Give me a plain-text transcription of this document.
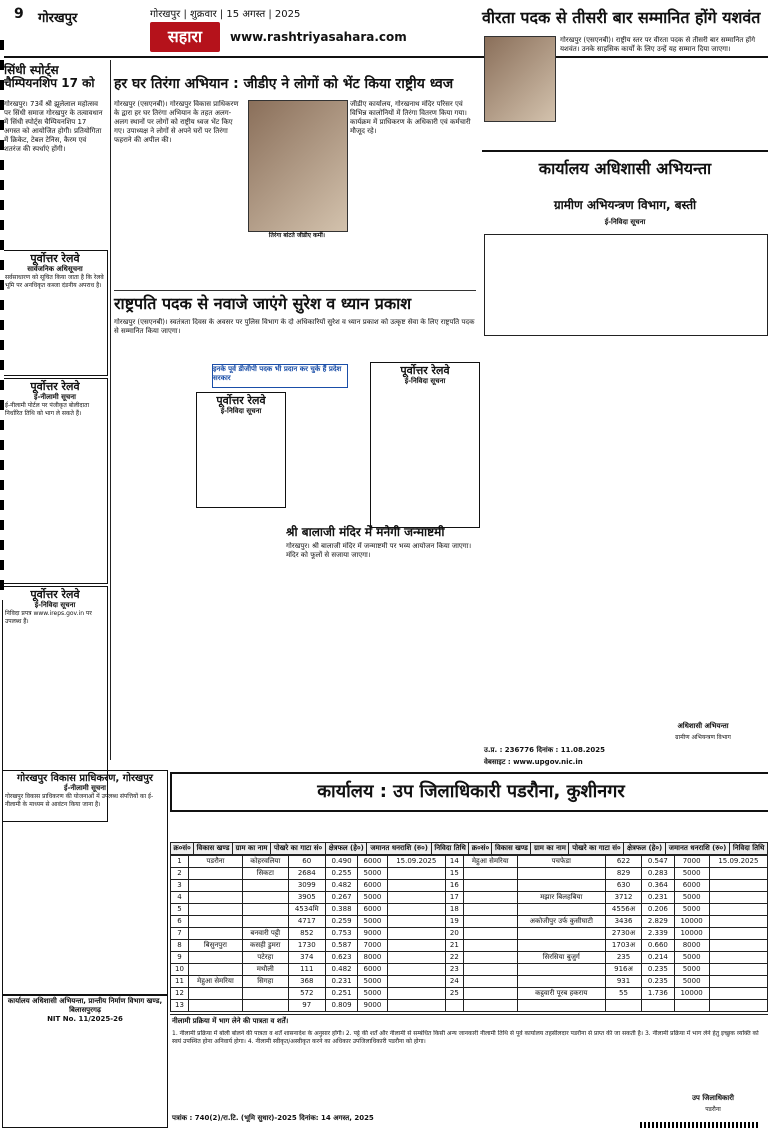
9 गोरखपुर	गोरखपुर | शुक्रवार | 15 अगस्त | 2025
सहारा	www.rashtriyasahara.com
वीरता पदक से तीसरी बार सम्मानित होंगे यशवंत
सिंधी स्पोर्ट्स चैम्पियनशिप 17 को
गोरखपुर। 73वें श्री झूलेलाल महोत्सव पर सिंधी समाज गोरखपुर के तत्वावधान में सिंधी स्पोर्ट्स चैम्पियनशिप 17 अगस्त को आयोजित होगी। प्रतियोगिता में क्रिकेट, टेबल टेनिस, कैरम एवं शतरंज की स्पर्धाएं होंगी।
पूर्वोत्तर रेलवे
सार्वजनिक अधिसूचना
सर्वसाधारण को सूचित किया जाता है कि रेलवे भूमि पर अनधिकृत कब्जा दंडनीय अपराध है।
पूर्वोत्तर रेलवे
ई-नीलामी सूचना
ई-नीलामी पोर्टल पर पंजीकृत बोलीदाता निर्धारित तिथि को भाग ले सकते हैं।
पूर्वोत्तर रेलवे
ई-निविदा सूचना
निविदा प्रपत्र www.ireps.gov.in पर उपलब्ध हैं।
हर घर तिरंगा अभियान : जीडीए ने लोगों को भेंट किया राष्ट्रीय ध्वज
गोरखपुर (एसएनबी)। गोरखपुर विकास प्राधिकरण के द्वारा हर घर तिरंगा अभियान के तहत अलग-अलग स्थानों पर लोगों को राष्ट्रीय ध्वज भेंट किए गए। उपाध्यक्ष ने लोगों से अपने घरों पर तिरंगा फहराने की अपील की।
तिरंगा बांटते जीडीए कर्मी।
जीडीए कार्यालय, गोरखनाथ मंदिर परिसर एवं विभिन्न कालोनियों में तिरंगा वितरण किया गया। कार्यक्रम में प्राधिकरण के अधिकारी एवं कर्मचारी मौजूद रहे।
राष्ट्रपति पदक से नवाजे जाएंगे सुरेश व ध्यान प्रकाश
गोरखपुर (एसएनबी)। स्वतंत्रता दिवस के अवसर पर पुलिस विभाग के दो अधिकारियों सुरेश व ध्यान प्रकाश को उत्कृष्ट सेवा के लिए राष्ट्रपति पदक से सम्मानित किया जाएगा।
इनके पूर्व डीजीपी पदक भी प्रदान कर चुके हैं प्रदेश सरकार
पूर्वोत्तर रेलवे
ई-निविदा सूचना
पूर्वोत्तर रेलवे
ई-निविदा सूचना
श्री बालाजी मंदिर में मनेगी जन्माष्टमी
गोरखपुर। श्री बालाजी मंदिर में जन्माष्टमी पर भव्य आयोजन किया जाएगा। मंदिर को फूलों से सजाया जाएगा।
गोरखपुर (एसएनबी)। राष्ट्रीय स्तर पर वीरता पदक से तीसरी बार सम्मानित होंगे यशवंत। उनके साहसिक कार्यों के लिए उन्हें यह सम्मान दिया जाएगा।
कार्यालय अधिशासी अभियन्ता
ग्रामीण अभियन्त्रण विभाग, बस्ती
ई-निविदा सूचना
अधिशासी अभियन्ता
ग्रामीण अभियन्त्रण विभाग
उ.प्र. : 236776 दिनांक : 11.08.2025
वेबसाइट : www.upgov.nic.in
कार्यालय : उप जिलाधिकारी पडरौना, कुशीनगर
क्र०सं०	विकास खण्ड	ग्राम का नाम	पोखरे का गाटा सं०	क्षेत्रफल (हे०)	जमानत धनराशि (रु०)	निविदा तिथि	क्र०सं०	विकास खण्ड	ग्राम का नाम	पोखरे का गाटा सं०	क्षेत्रफल (हे०)	जमानत धनराशि (रु०)	निविदा तिथि
1	पडरौना	कोहरवलिया	60	0.490	6000	15.09.2025	14	मेहुआ सेमरिया	पचफेडा	622	0.547	7000	15.09.2025
2		सिकटा	2684	0.255	5000		15			829	0.283	5000	
3			3099	0.482	6000		16			630	0.364	6000	
4			3905	0.267	5000		17		मझार बिलहबिया	3712	0.231	5000	
5			4534मि	0.388	6000		18			4556अ	0.206	5000	
6			4717	0.259	5000		19		अकोजीपुर उर्फ कुसीघाटी	3436	2.829	10000	
7		बनवारी पट्टी	852	0.753	9000		20			2730अ	2.339	10000	
8	बिसुनपुरा	कसही डुमरा	1730	0.587	7000		21			1703अ	0.660	8000	
9		पटेरहा	374	0.623	8000		22		सिरसिया बुजुर्ग	235	0.214	5000	
10		मथौली	111	0.482	6000		23			916अ	0.235	5000	
11	मेहुआ सेमरिया	सिगहा	368	0.231	5000		24			931	0.235	5000	
12			572	0.251	5000		25		कट्ठवारी पूरब हकराय	55	1.736	10000	
13			97	0.809	9000								
गोरखपुर विकास प्राधिकरण, गोरखपुर
ई-नीलामी सूचना
गोरखपुर विकास प्राधिकरण की योजनाओं में उपलब्ध संपत्तियों का ई-नीलामी के माध्यम से आवंटन किया जाना है।
कार्यालय अधिशासी अभियन्ता, प्रान्तीय निर्माण विभाग खण्ड, बिलासपुरगढ़
NIT No. 11/2025-26	नीलामी प्रक्रिया में भाग लेने की पात्रता व शर्तें।
1. नीलामी प्रक्रिया में बोली बोलने की पात्रता व शर्तें शासनादेश के अनुसार होंगी। 2. पट्टे की शर्तें और नीलामी से सम्बंधित किसी अन्य जानकारी नीलामी तिथि से पूर्व कार्यालय तहसीलदार पडरौना से प्राप्त की जा सकती है। 3. नीलामी प्रक्रिया में भाग लेने हेतु इच्छुक व्यक्ति को स्वयं उपस्थित होना अनिवार्य होगा। 4. नीलामी स्वीकृत/अस्वीकृत करने का अधिकार उपजिलाधिकारी पडरौना को होगा।
उप जिलाधिकारी
पडरौना
पत्रांक : 740(2)/रा.टि. (भूमि सुधार)-2025 दिनांक: 14 अगस्त, 2025
